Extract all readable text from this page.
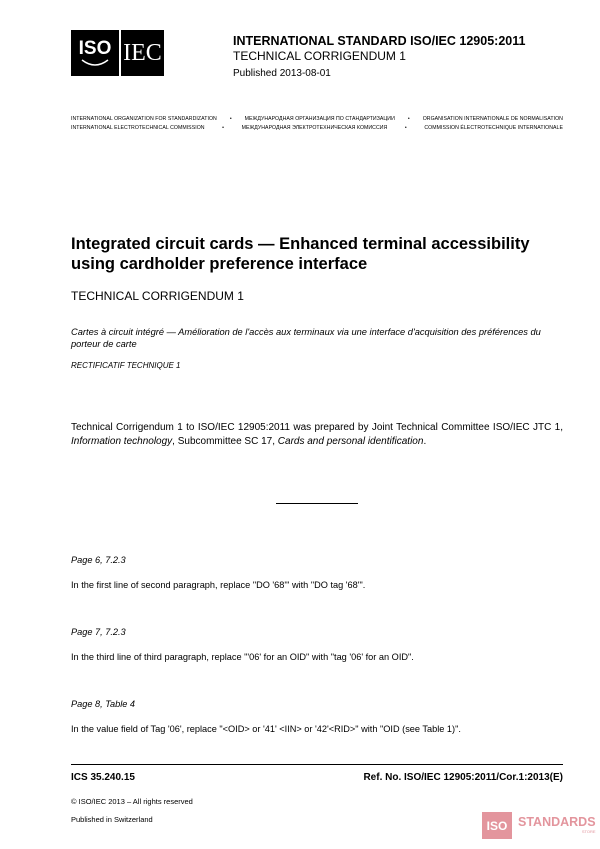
ISO IEC	INTERNATIONAL STANDARD ISO/IEC 12905:2011
TECHNICAL CORRIGENDUM 1
Published 2013-08-01
INTERNATIONAL ORGANIZATION FOR STANDARDIZATION	•	МЕЖДУНАРОДНАЯ ОРГАНИЗАЦИЯ ПО СТАНДАРТИЗАЦИИ	•	ORGANISATION INTERNATIONALE DE NORMALISATION
INTERNATIONAL ELECTROTECHNICAL COMMISSION	•	МЕЖДУНАРОДНАЯ ЭЛЕКТРОТЕХНИЧЕСКАЯ КОМИССИЯ	•	COMMISSION ÉLECTROTECHNIQUE INTERNATIONALE
Integrated circuit cards — Enhanced terminal accessibility using cardholder preference interface
TECHNICAL CORRIGENDUM 1
Cartes à circuit intégré — Amélioration de l'accès aux terminaux via une interface d'acquisition des préférences du porteur de carte
RECTIFICATIF TECHNIQUE 1
Technical Corrigendum 1 to ISO/IEC 12905:2011 was prepared by Joint Technical Committee ISO/IEC JTC 1, Information technology, Subcommittee SC 17, Cards and personal identification.
Page 6, 7.2.3
In the first line of second paragraph, replace "DO '68'" with "DO tag '68'".
Page 7, 7.2.3
In the third line of third paragraph, replace "'06' for an OID" with "tag '06' for an OID".
Page 8, Table 4
In the value field of Tag '06', replace "<OID> or '41' <IIN> or '42'<RID>" with "OID (see Table 1)".
ICS 35.240.15	Ref. No. ISO/IEC 12905:2011/Cor.1:2013(E)
© ISO/IEC 2013 – All rights reserved
Published in Switzerland	ISO STANDARDS
STORE
